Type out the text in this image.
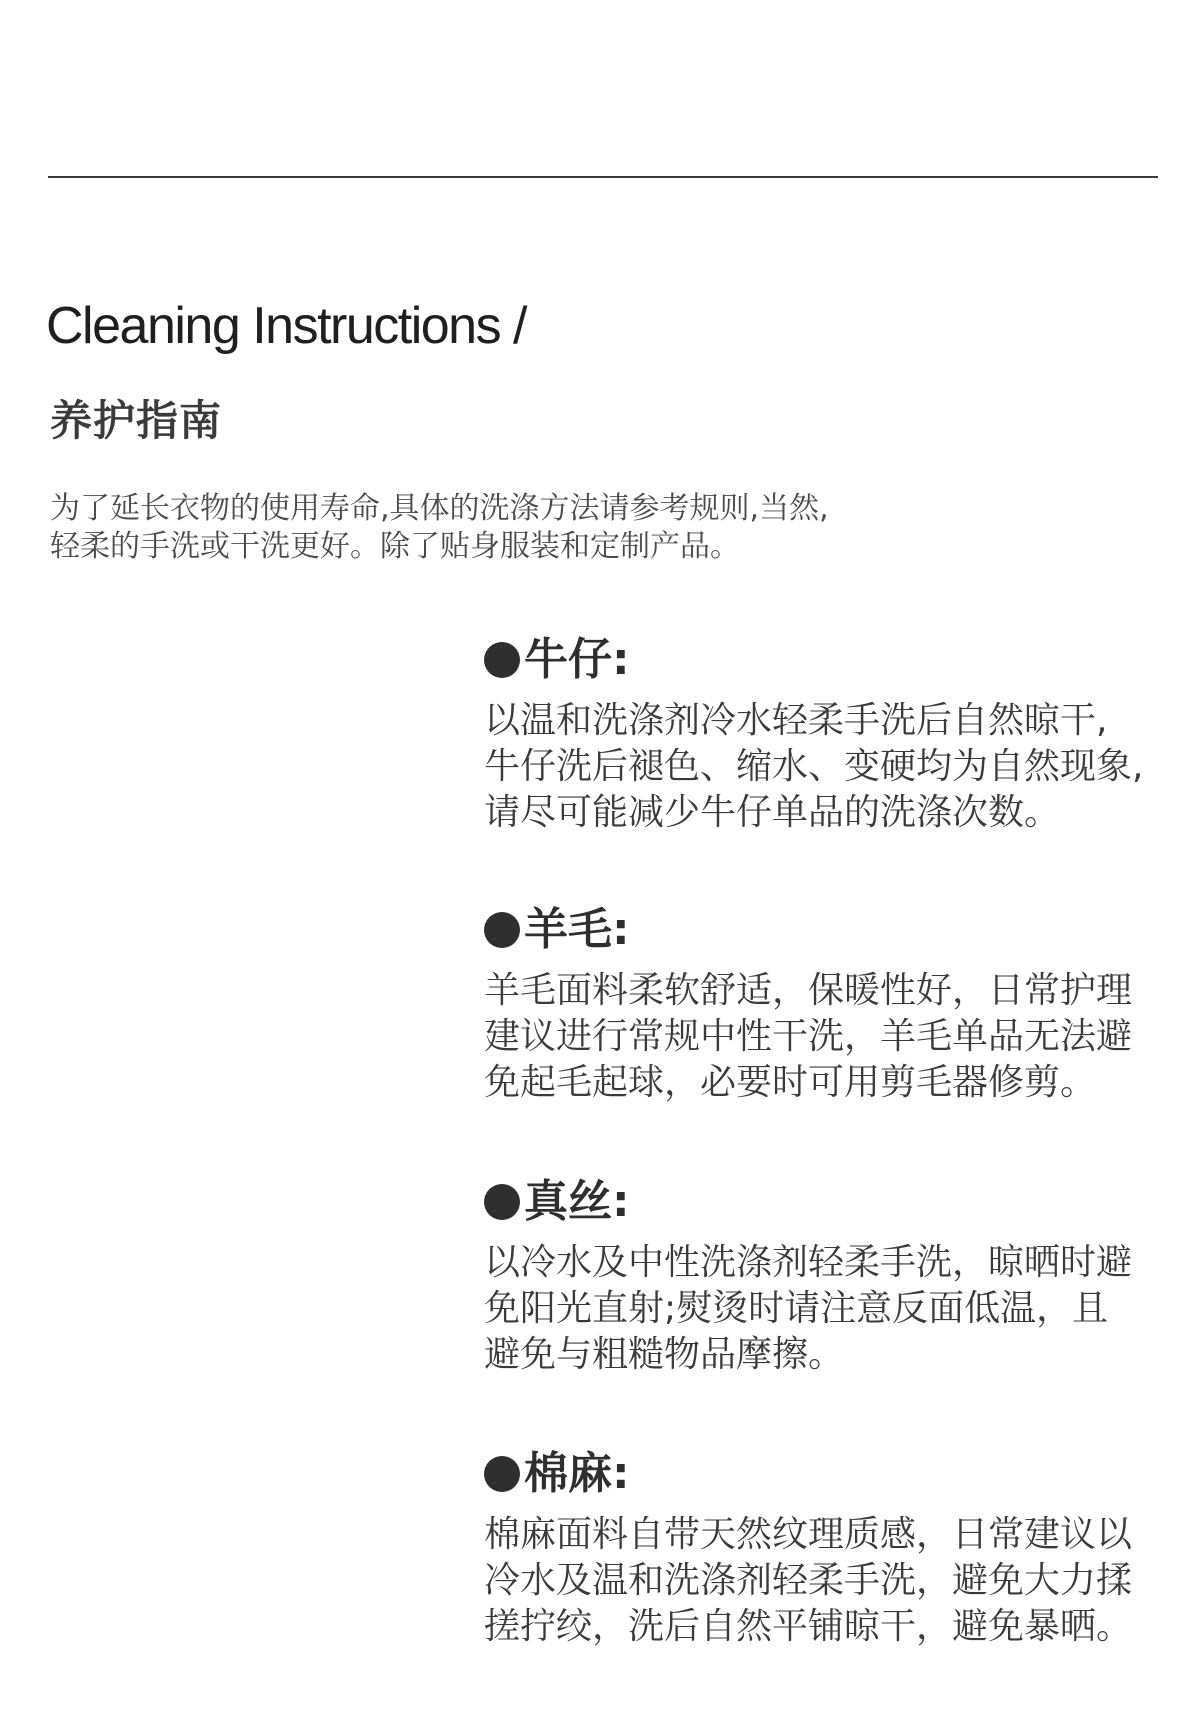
Cleaning Instructions /
养护指南

为了延长衣物的使用寿命,具体的洗涤方法请参考规则,当然,

轻柔的手洗或干洗更好。除了贴身服装和定制产品。

牛仔:

以温和洗涤剂冷水轻柔手洗后自然晾干,

牛仔洗后褪色、缩水、变硬均为自然现象,

请尽可能减少牛仔单品的洗涤次数。

羊毛:

羊毛面料柔软舒适，保暖性好，日常护理

建议进行常规中性干洗，羊毛单品无法避

免起毛起球，必要时可用剪毛器修剪。

真丝:

以冷水及中性洗涤剂轻柔手洗，晾晒时避

免阳光直射;熨烫时请注意反面低温，且

避免与粗糙物品摩擦。

棉麻:

棉麻面料自带天然纹理质感，日常建议以

冷水及温和洗涤剂轻柔手洗，避免大力揉

搓拧绞，洗后自然平铺晾干，避免暴晒。
